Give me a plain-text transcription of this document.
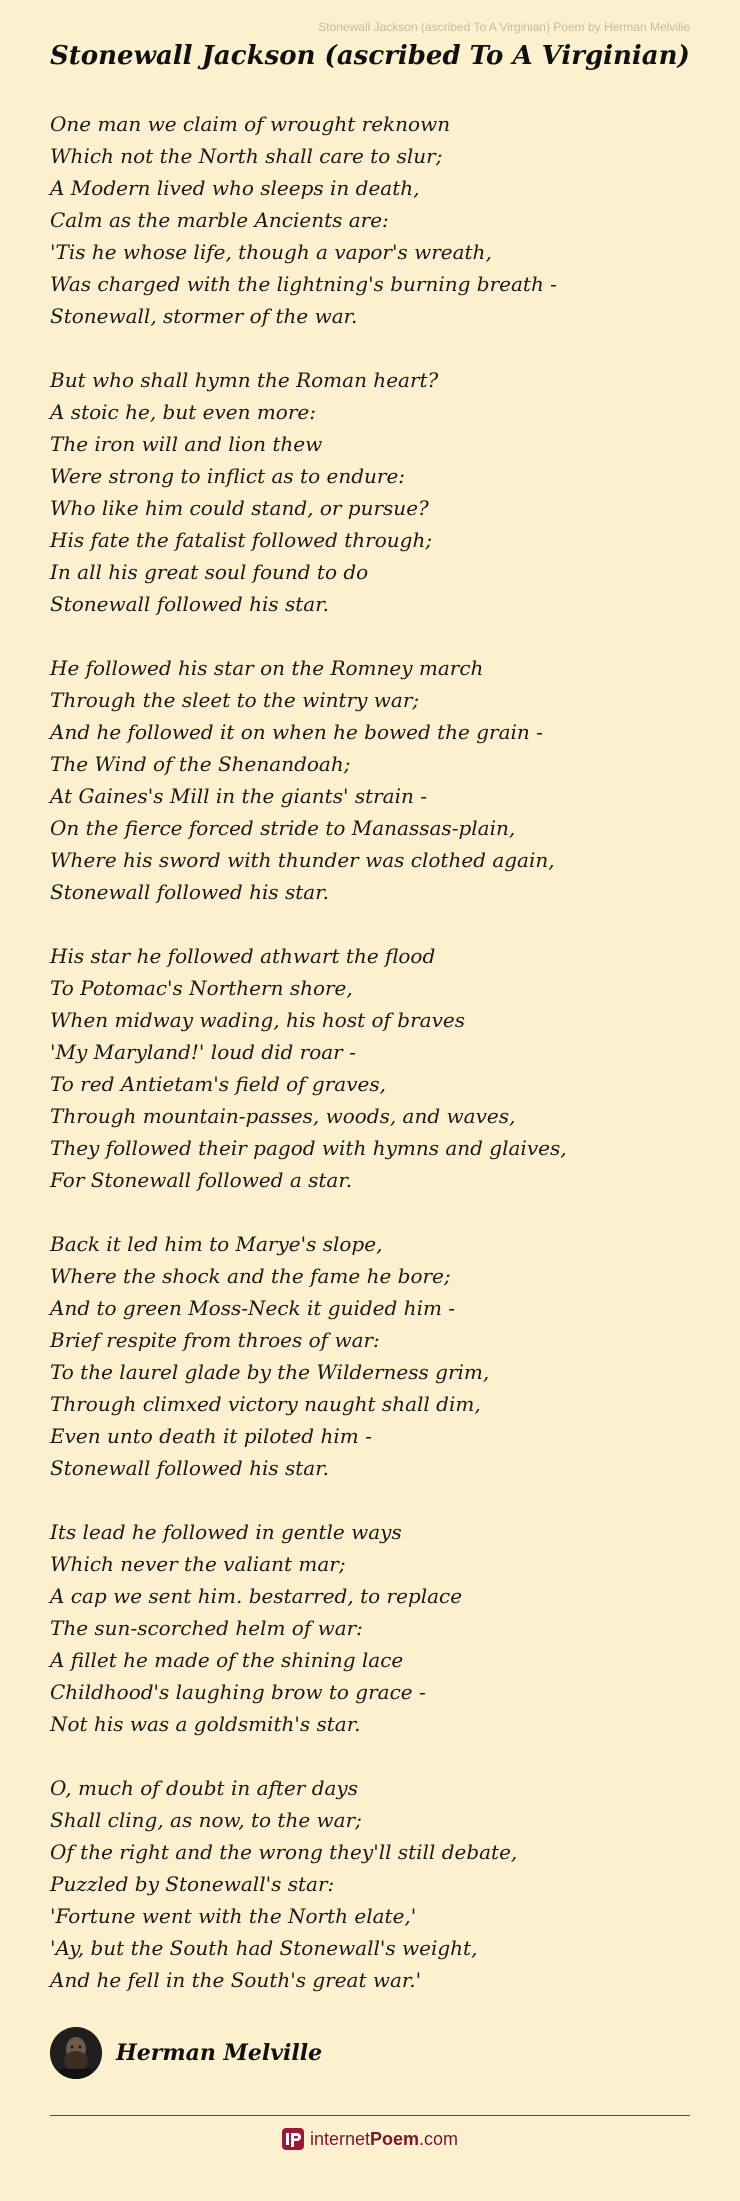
Stonewall Jackson (ascribed To A Virginian) Poem by Herman Melville
Stonewall Jackson (ascribed To A Virginian)
One man we claim of wrought reknown
Which not the North shall care to slur;
A Modern lived who sleeps in death,
Calm as the marble Ancients are:
'Tis he whose life, though a vapor's wreath,
Was charged with the lightning's burning breath -
Stonewall, stormer of the war.
But who shall hymn the Roman heart?
A stoic he, but even more:
The iron will and lion thew
Were strong to inflict as to endure:
Who like him could stand, or pursue?
His fate the fatalist followed through;
In all his great soul found to do
Stonewall followed his star.
He followed his star on the Romney march
Through the sleet to the wintry war;
And he followed it on when he bowed the grain -
The Wind of the Shenandoah;
At Gaines's Mill in the giants' strain -
On the fierce forced stride to Manassas-plain,
Where his sword with thunder was clothed again,
Stonewall followed his star.
His star he followed athwart the flood
To Potomac's Northern shore,
When midway wading, his host of braves
'My Maryland!' loud did roar -
To red Antietam's field of graves,
Through mountain-passes, woods, and waves,
They followed their pagod with hymns and glaives,
For Stonewall followed a star.
Back it led him to Marye's slope,
Where the shock and the fame he bore;
And to green Moss-Neck it guided him -
Brief respite from throes of war:
To the laurel glade by the Wilderness grim,
Through climxed victory naught shall dim,
Even unto death it piloted him -
Stonewall followed his star.
Its lead he followed in gentle ways
Which never the valiant mar;
A cap we sent him. bestarred, to replace
The sun-scorched helm of war:
A fillet he made of the shining lace
Childhood's laughing brow to grace -
Not his was a goldsmith's star.
O, much of doubt in after days
Shall cling, as now, to the war;
Of the right and the wrong they'll still debate,
Puzzled by Stonewall's star:
'Fortune went with the North elate,'
'Ay, but the South had Stonewall's weight,
And he fell in the South's great war.'
Herman Melville
internetPoem.com
